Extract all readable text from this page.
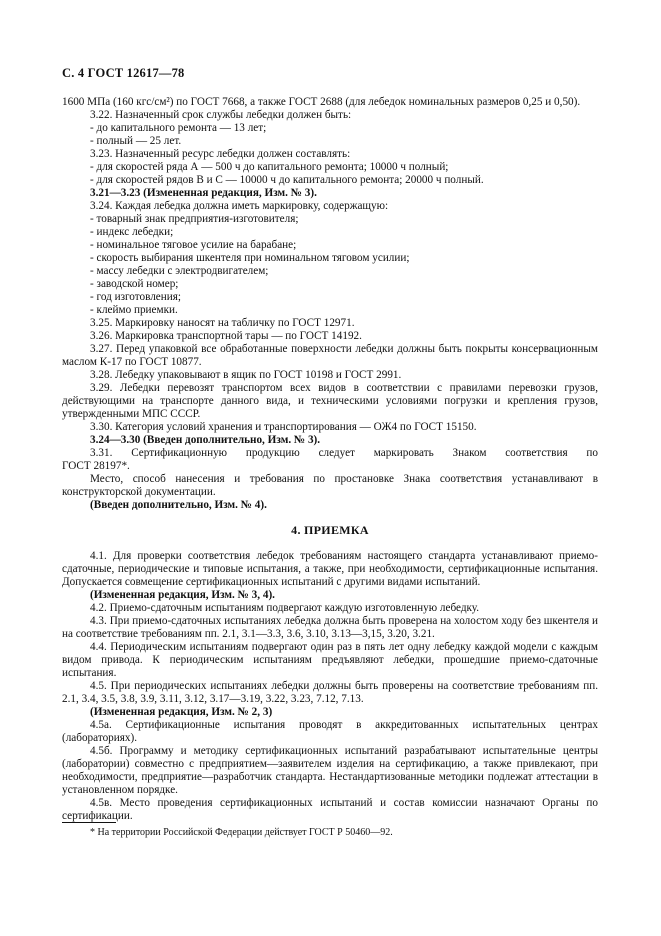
С. 4 ГОСТ 12617—78

1600 МПа (160 кгс/см²) по ГОСТ 7668, а также ГОСТ 2688 (для лебедок номинальных размеров 0,25 и 0,50).

3.22. Назначенный срок службы лебедки должен быть:

- до капитального ремонта — 13 лет;

- полный — 25 лет.

3.23. Назначенный ресурс лебедки должен составлять:

- для скоростей ряда А — 500 ч до капитального ремонта; 10000 ч полный;

- для скоростей рядов В и С — 10000 ч до капитального ремонта; 20000 ч полный.

3.21—3.23 (Измененная редакция, Изм. № 3).

3.24. Каждая лебедка должна иметь маркировку, содержащую:

- товарный знак предприятия-изготовителя;

- индекс лебедки;

- номинальное тяговое усилие на барабане;

- скорость выбирания шкентеля при номинальном тяговом усилии;

- массу лебедки с электродвигателем;

- заводской номер;

- год изготовления;

- клеймо приемки.

3.25. Маркировку наносят на табличку по ГОСТ 12971.

3.26. Маркировка транспортной тары — по ГОСТ 14192.

3.27. Перед упаковкой все обработанные поверхности лебедки должны быть покрыты консервационным маслом К-17 по ГОСТ 10877.

3.28. Лебедку упаковывают в ящик по ГОСТ 10198 и ГОСТ 2991.

3.29. Лебедки перевозят транспортом всех видов в соответствии с правилами перевозки грузов, действующими на транспорте данного вида, и техническими условиями погрузки и крепления грузов, утвержденными МПС СССР.

3.30. Категория условий хранения и транспортирования — ОЖ4 по ГОСТ 15150.

3.24—3.30 (Введен дополнительно, Изм. № 3).

3.31. Сертификационную продукцию следует маркировать Знаком соответствия по

ГОСТ 28197*.

Место, способ нанесения и требования по простановке Знака соответствия устанавливают в конструкторской документации.

(Введен дополнительно, Изм. № 4).

4. ПРИЕМКА

4.1. Для проверки соответствия лебедок требованиям настоящего стандарта устанавливают приемо-сдаточные, периодические и типовые испытания, а также, при необходимости, сертификационные испытания. Допускается совмещение сертификационных испытаний с другими видами испытаний.

(Измененная редакция, Изм. № 3, 4).

4.2. Приемо-сдаточным испытаниям подвергают каждую изготовленную лебедку.

4.3. При приемо-сдаточных испытаниях лебедка должна быть проверена на холостом ходу без шкентеля и на соответствие требованиям пп. 2.1, 3.1—3.3, 3.6, 3.10, 3.13—3,15, 3.20, 3.21.

4.4. Периодическим испытаниям подвергают один раз в пять лет одну лебедку каждой модели с каждым видом привода. К периодическим испытаниям предъявляют лебедки, прошедшие приемо-сдаточные испытания.

4.5. При периодических испытаниях лебедки должны быть проверены на соответствие требованиям пп. 2.1, 3.4, 3.5, 3.8, 3.9, 3.11, 3.12, 3.17—3.19, 3.22, 3.23, 7.12, 7.13.

(Измененная редакция, Изм. № 2, 3)

4.5а. Сертификационные испытания проводят в аккредитованных испытательных центрах (лабораториях).

4.5б. Программу и методику сертификационных испытаний разрабатывают испытательные центры (лаборатории) совместно с предприятием—заявителем изделия на сертификацию, а также привлекают, при необходимости, предприятие—разработчик стандарта. Нестандартизованные методики подлежат аттестации в установленном порядке.

4.5в. Место проведения сертификационных испытаний и состав комиссии назначают Органы по сертификации.

* На территории Российской Федерации действует ГОСТ Р 50460—92.
